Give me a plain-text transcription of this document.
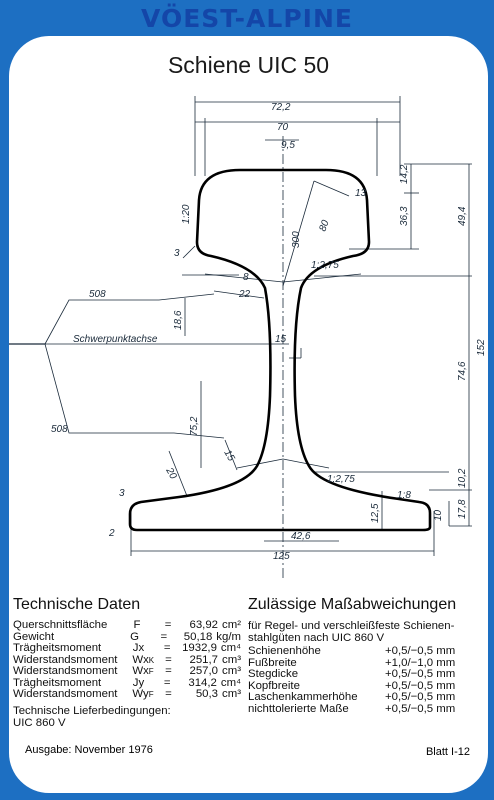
VÖEST-ALPINE
Schiene UIC 50
72,2
70
9,5
14,2
13
36,3	49,4
1:20
80
300
3
1:2,75
8
22
508
18,6
Schwerpunktachse	15	152
74,6
508	75,2
20
15
1:2,75	10,2
17,8
1:8
3
2
12,5	10
42,6
125
Technische Daten
Querschnittsfläche	F	=	63,92 cm²
Gewicht	G	=	50,18 kg/m
Trägheitsmoment	Jx	=	1932,9 cm⁴
Widerstandsmoment	Wx K =	251,7 cm³
Widerstandsmoment	Wx F	=	257,0 cm³
Trägheitsmoment	Jy	=	314,2 cm⁴
Widerstandsmoment	Wy F	=	50,3 cm³
Technische Lieferbedingungen:
UIC 860 V
Zulässige Maßabweichungen
für Regel- und verschleißfeste Schienen-
stahlgüten nach UIC 860 V
Schienenhöhe	+0,5/−0,5 mm
Fußbreite	+1,0/−1,0 mm
Stegdicke	+0,5/−0,5 mm
Kopfbreite	+0,5/−0,5 mm
Laschenkammerhöhe	+0,5/−0,5 mm
nichttolerierte Maße	+0,5/−0,5 mm
Ausgabe: November 1976	Blatt I-12
